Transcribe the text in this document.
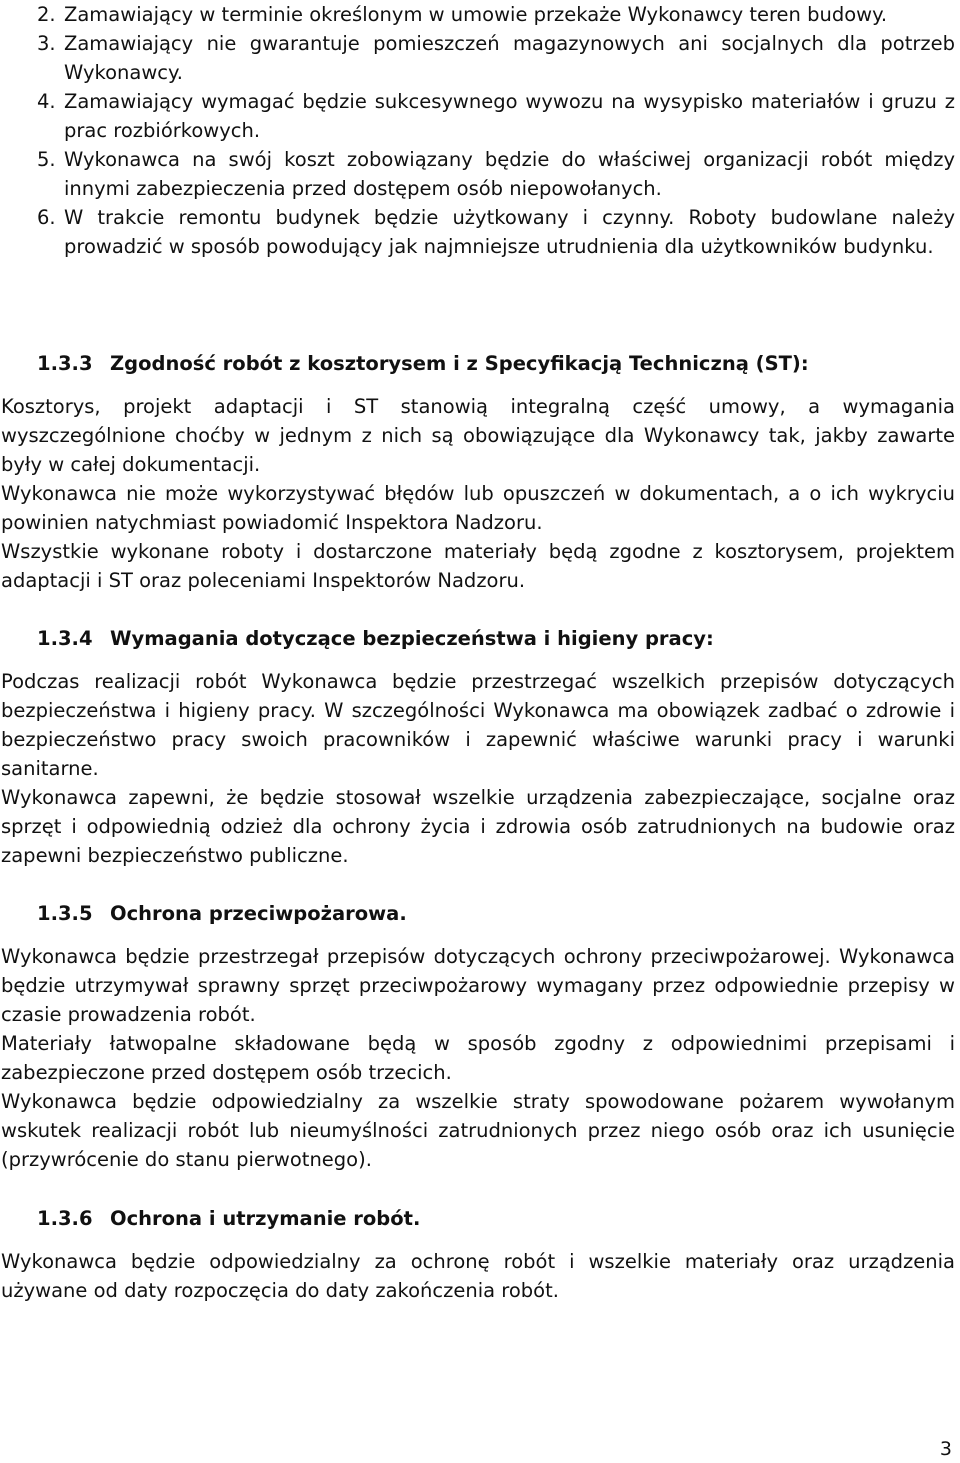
2. Zamawiający w terminie określonym w umowie przekaże Wykonawcy teren budowy.
3. Zamawiający nie gwarantuje pomieszczeń magazynowych ani socjalnych dla potrzeb Wykonawcy.
4. Zamawiający wymagać będzie sukcesywnego wywozu na wysypisko materiałów i gruzu z prac rozbiórkowych.
5. Wykonawca na swój koszt zobowiązany będzie do właściwej organizacji robót między innymi zabezpieczenia przed dostępem osób niepowołanych.
6. W trakcie remontu budynek będzie użytkowany i czynny. Roboty budowlane należy prowadzić w sposób powodujący jak najmniejsze utrudnienia dla użytkowników budynku.
1.3.3 Zgodność robót z kosztorysem i z Specyfikacją Techniczną (ST):
Kosztorys, projekt adaptacji i ST stanowią integralną część umowy, a wymagania wyszczególnione choćby w jednym z nich są obowiązujące dla Wykonawcy tak, jakby zawarte były w całej dokumentacji.
Wykonawca nie może wykorzystywać błędów lub opuszczeń w dokumentach, a o ich wykryciu powinien natychmiast powiadomić Inspektora Nadzoru.
Wszystkie wykonane roboty i dostarczone materiały będą zgodne z kosztorysem, projektem adaptacji i ST oraz poleceniami Inspektorów Nadzoru.
1.3.4 Wymagania dotyczące bezpieczeństwa i higieny pracy:
Podczas realizacji robót Wykonawca będzie przestrzegać wszelkich przepisów dotyczących bezpieczeństwa i higieny pracy. W szczególności Wykonawca ma obowiązek zadbać o zdrowie i bezpieczeństwo pracy swoich pracowników i zapewnić właściwe warunki pracy i warunki sanitarne.
Wykonawca zapewni, że będzie stosował wszelkie urządzenia zabezpieczające, socjalne oraz sprzęt i odpowiednią odzież dla ochrony życia i zdrowia osób zatrudnionych na budowie oraz zapewni bezpieczeństwo publiczne.
1.3.5 Ochrona przeciwpożarowa.
Wykonawca będzie przestrzegał przepisów dotyczących ochrony przeciwpożarowej. Wykonawca będzie utrzymywał sprawny sprzęt przeciwpożarowy wymagany przez odpowiednie przepisy w czasie prowadzenia robót.
Materiały łatwopalne składowane będą w sposób zgodny z odpowiednimi przepisami i zabezpieczone przed dostępem osób trzecich.
Wykonawca będzie odpowiedzialny za wszelkie straty spowodowane pożarem wywołanym wskutek realizacji robót lub nieumyślności zatrudnionych przez niego osób oraz ich usunięcie (przywrócenie do stanu pierwotnego).
1.3.6 Ochrona i utrzymanie robót.
Wykonawca będzie odpowiedzialny za ochronę robót i wszelkie materiały oraz urządzenia używane od daty rozpoczęcia do daty zakończenia robót.
3
